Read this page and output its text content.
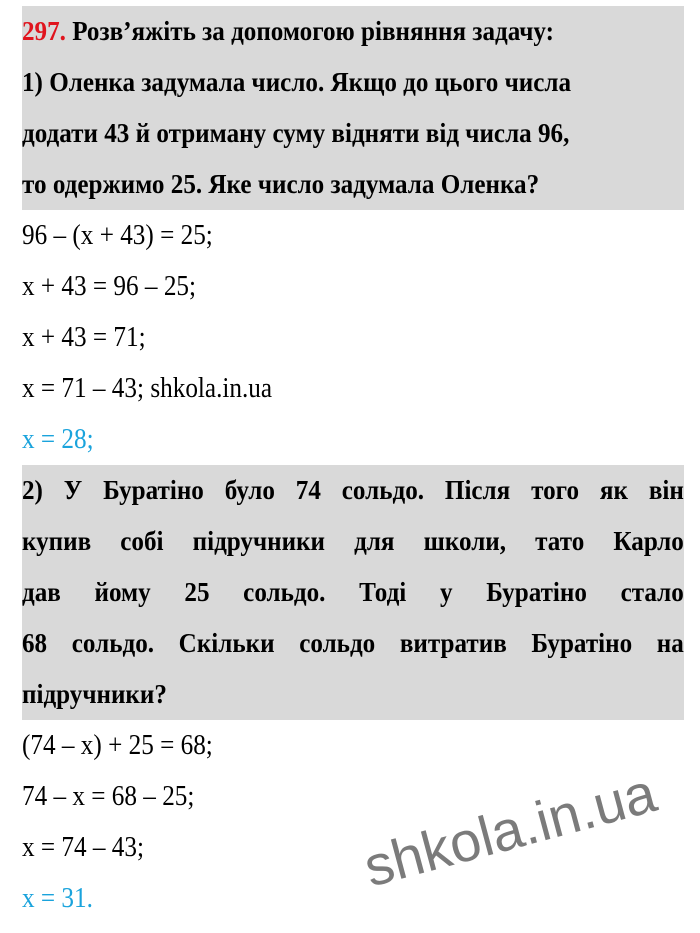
297. Розв’яжіть за допомогою рівняння задачу:
1) Оленка задумала число. Якщо до цього числа
додати 43 й отриману суму відняти від числа 96,
то одержимо 25. Яке число задумала Оленка?
96 – (x + 43) = 25;
x + 43 = 96 – 25;
x + 43 = 71;
x = 71 – 43; shkola.in.ua
x = 28;
2) У Буратіно було 74 сольдо. Після того як він
купив собі підручники для школи, тато Карло
дав йому 25 сольдо. Тоді у Буратіно стало
68 сольдо. Скільки сольдо витратив Буратіно на
підручники?
(74 – x) + 25 = 68;
74 – x = 68 – 25;
x = 74 – 43;
x = 31.	shkola.in.ua
